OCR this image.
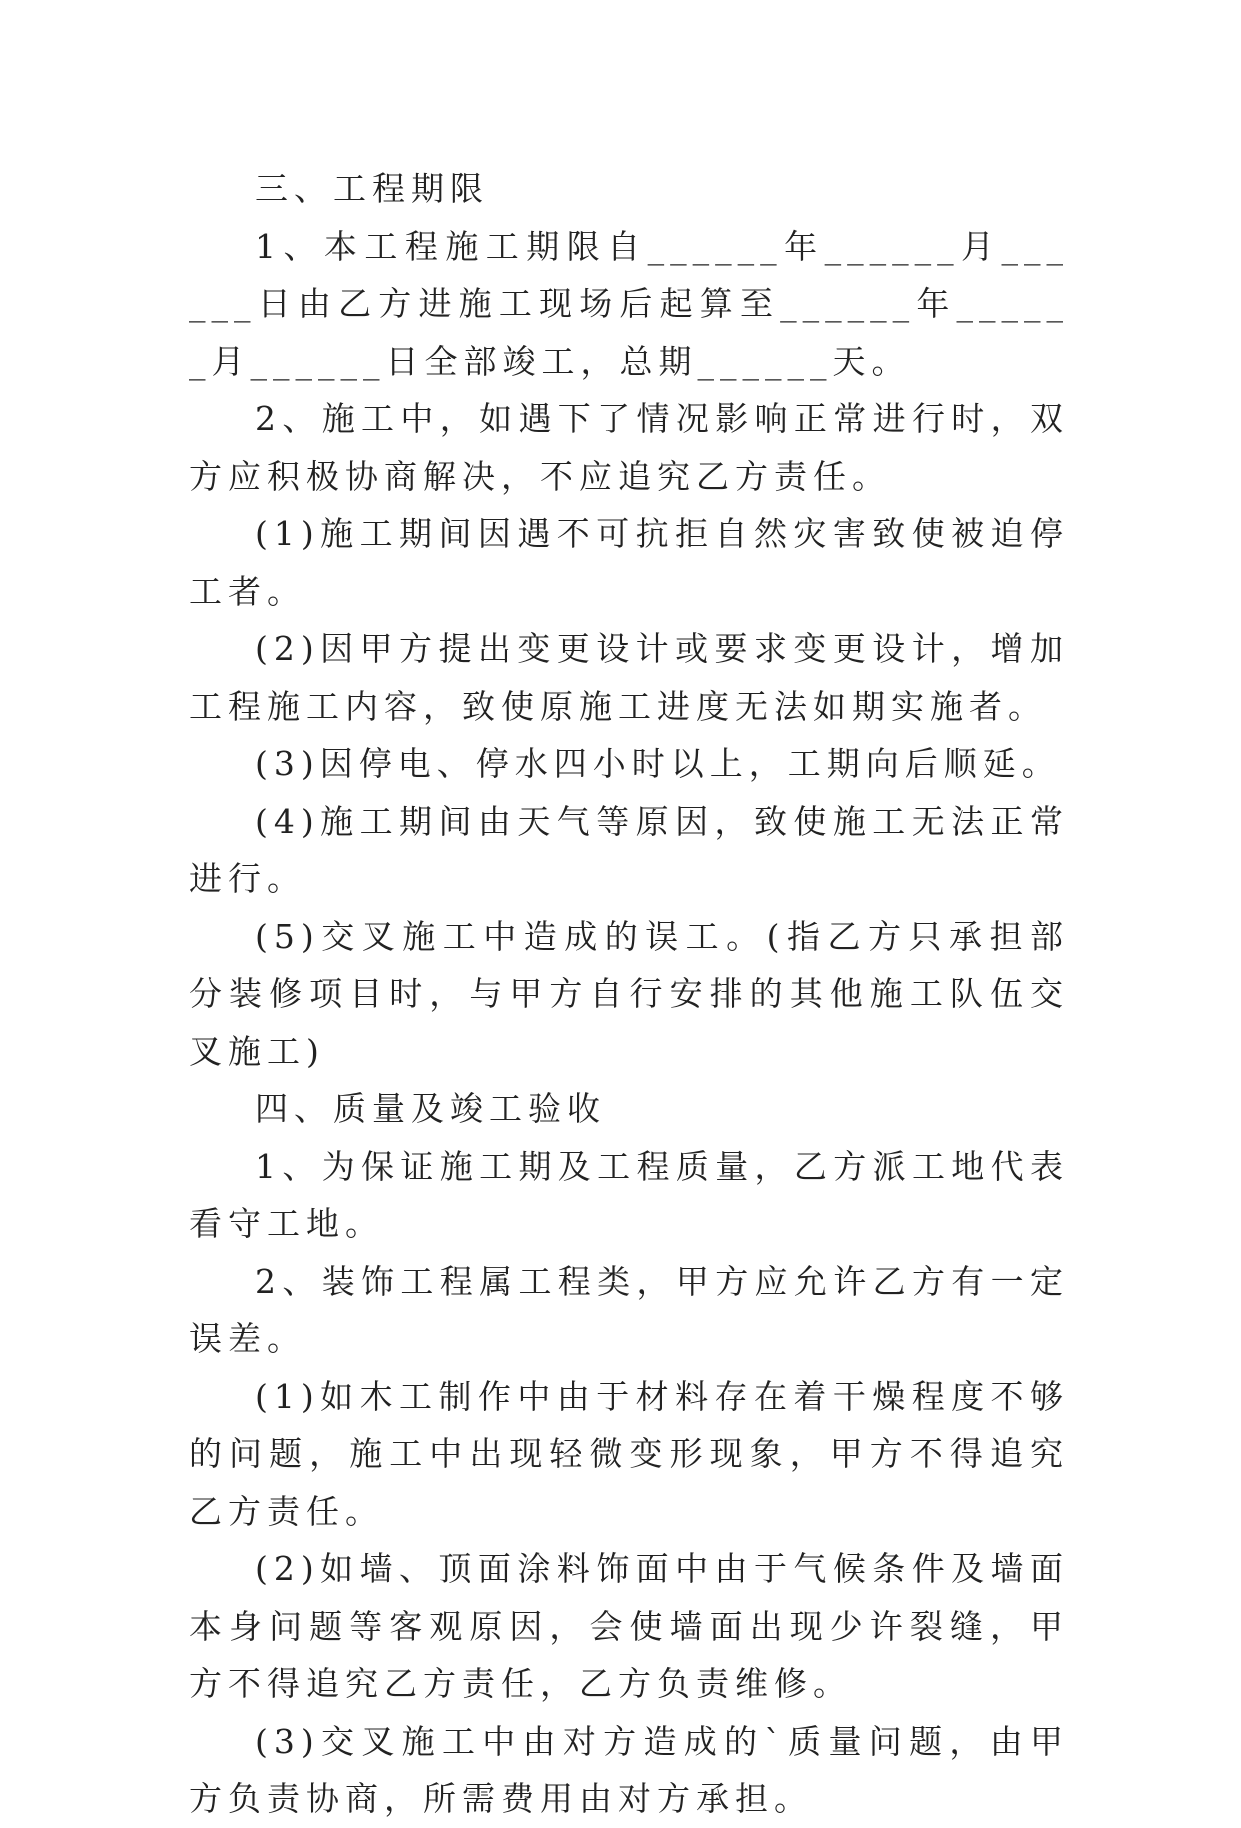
三、工程期限

1、本工程施工期限自______年______月______日由乙方进施工现场后起算至______年______月______日全部竣工，总期______天。

2、施工中，如遇下了情况影响正常进行时，双方应积极协商解决，不应追究乙方责任。

(1)施工期间因遇不可抗拒自然灾害致使被迫停工者。

(2)因甲方提出变更设计或要求变更设计，增加工程施工内容，致使原施工进度无法如期实施者。

(3)因停电、停水四小时以上，工期向后顺延。

(4)施工期间由天气等原因，致使施工无法正常进行。

(5)交叉施工中造成的误工。(指乙方只承担部分装修项目时，与甲方自行安排的其他施工队伍交叉施工)

四、质量及竣工验收

1、为保证施工期及工程质量，乙方派工地代表看守工地。

2、装饰工程属工程类，甲方应允许乙方有一定误差。

(1)如木工制作中由于材料存在着干燥程度不够的问题，施工中出现轻微变形现象，甲方不得追究乙方责任。

(2)如墙、顶面涂料饰面中由于气候条件及墙面本身问题等客观原因，会使墙面出现少许裂缝，甲方不得追究乙方责任，乙方负责维修。

(3)交叉施工中由对方造成的`质量问题，由甲方负责协商，所需费用由对方承担。
